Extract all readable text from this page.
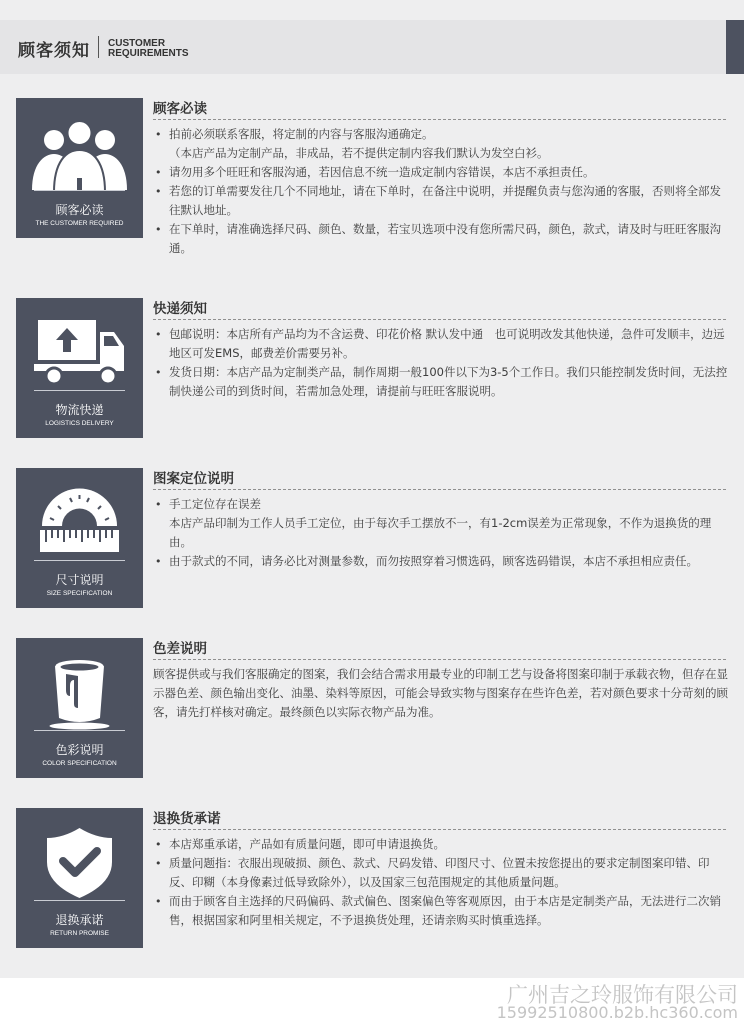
顾客须知 CUSTOMER
REQUIREMENTS
顾客必读
THE CUSTOMER REQUIRED
顾客必读
• 拍前必须联系客服，将定制的内容与客服沟通确定。
（本店产品为定制产品，非成品，若不提供定制内容我们默认为发空白衫。
• 请勿用多个旺旺和客服沟通，若因信息不统一造成定制内容错误，本店不承担责任。
• 若您的订单需要发往几个不同地址，请在下单时，在备注中说明，并提醒负责与您沟通的客服，否则将全部发往默认地址。
• 在下单时，请准确选择尺码、颜色、数量，若宝贝选项中没有您所需尺码，颜色，款式，请及时与旺旺客服沟通。
物流快递
LOGISTICS DELIVERY
快递须知
• 包邮说明：本店所有产品均为不含运费、印花价格 默认发中通　也可说明改发其他快递，急件可发顺丰，边远地区可发EMS，邮费差价需要另补。
• 发货日期：本店产品为定制类产品，制作周期一般100件以下为3-5个工作日。我们只能控制发货时间，无法控制快递公司的到货时间，若需加急处理，请提前与旺旺客服说明。
尺寸说明
SIZE SPECIFICATION
图案定位说明
• 手工定位存在误差
本店产品印制为工作人员手工定位，由于每次手工摆放不一，有1-2cm误差为正常现象，不作为退换货的理由。
• 由于款式的不同，请务必比对测量参数，而勿按照穿着习惯选码，顾客选码错误，本店不承担相应责任。
色彩说明
COLOR SPECIFICATION
色差说明
顾客提供或与我们客服确定的图案，我们会结合需求用最专业的印制工艺与设备将图案印制于承载衣物，但存在显示器色差、颜色输出变化、油墨、染料等原因，可能会导致实物与图案存在些许色差，若对颜色要求十分苛刻的顾客，请先打样核对确定。最终颜色以实际衣物产品为准。
退换承诺
RETURN PROMISE
退换货承诺
• 本店郑重承诺，产品如有质量问题，即可申请退换货。
• 质量问题指：衣服出现破损、颜色、款式、尺码发错、印图尺寸、位置未按您提出的要求定制图案印错、印反、印糊（本身像素过低导致除外），以及国家三包范围规定的其他质量问题。
• 而由于顾客自主选择的尺码偏码、款式偏色、图案偏色等客观原因，由于本店是定制类产品，无法进行二次销售，根据国家和阿里相关规定，不予退换货处理，还请亲购买时慎重选择。
广州吉之玲服饰有限公司
15992510800.b2b.hc360.com
